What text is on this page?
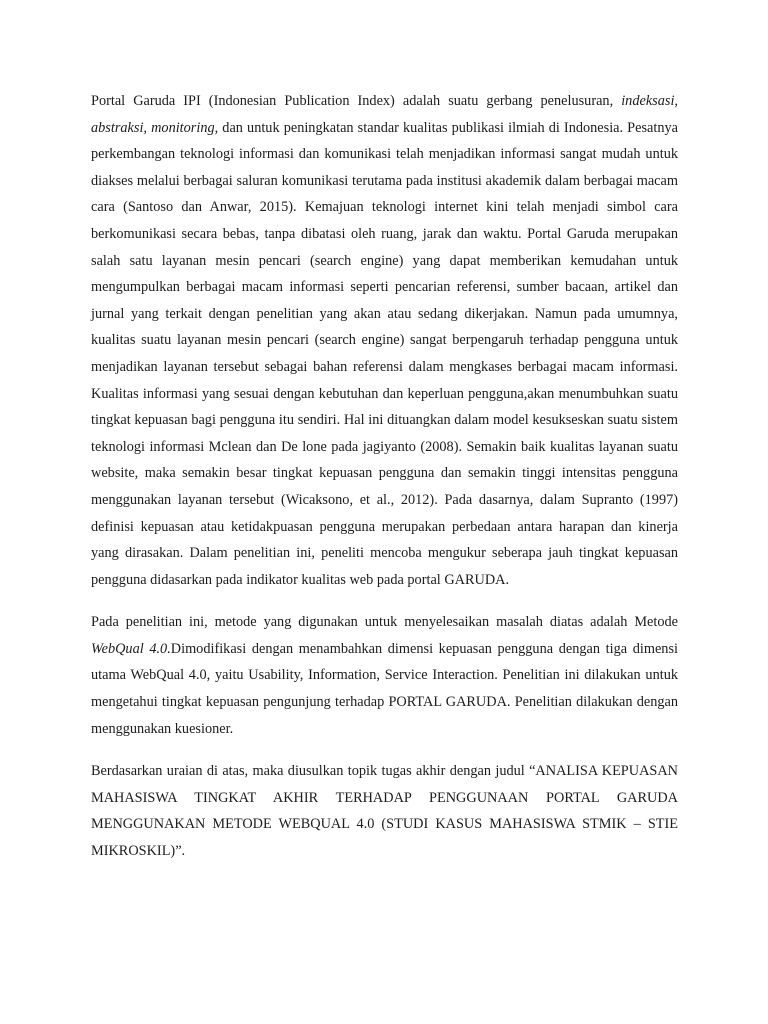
Portal Garuda IPI (Indonesian Publication Index) adalah suatu gerbang penelusuran, indeksasi, abstraksi, monitoring, dan untuk peningkatan standar kualitas publikasi ilmiah di Indonesia. Pesatnya perkembangan teknologi informasi dan komunikasi telah menjadikan informasi sangat mudah untuk diakses melalui berbagai saluran komunikasi terutama pada institusi akademik dalam berbagai macam cara (Santoso dan Anwar, 2015). Kemajuan teknologi internet kini telah menjadi simbol cara berkomunikasi secara bebas, tanpa dibatasi oleh ruang, jarak dan waktu. Portal Garuda merupakan salah satu layanan mesin pencari (search engine) yang dapat memberikan kemudahan untuk mengumpulkan berbagai macam informasi seperti pencarian referensi, sumber bacaan, artikel dan jurnal yang terkait dengan penelitian yang akan atau sedang dikerjakan. Namun pada umumnya, kualitas suatu layanan mesin pencari (search engine) sangat berpengaruh terhadap pengguna untuk menjadikan layanan tersebut sebagai bahan referensi dalam mengkases berbagai macam informasi. Kualitas informasi yang sesuai dengan kebutuhan dan keperluan pengguna,akan menumbuhkan suatu tingkat kepuasan bagi pengguna itu sendiri. Hal ini dituangkan dalam model kesukseskan suatu sistem teknologi informasi Mclean dan De lone pada jagiyanto (2008). Semakin baik kualitas layanan suatu website, maka semakin besar tingkat kepuasan pengguna dan semakin tinggi intensitas pengguna menggunakan layanan tersebut (Wicaksono, et al., 2012). Pada dasarnya, dalam Supranto (1997) definisi kepuasan atau ketidakpuasan pengguna merupakan perbedaan antara harapan dan kinerja yang dirasakan. Dalam penelitian ini, peneliti mencoba mengukur seberapa jauh tingkat kepuasan pengguna didasarkan pada indikator kualitas web pada portal GARUDA.

Pada penelitian ini, metode yang digunakan untuk menyelesaikan masalah diatas adalah Metode WebQual 4.0.Dimodifikasi dengan menambahkan dimensi kepuasan pengguna dengan tiga dimensi utama WebQual 4.0, yaitu Usability, Information, Service Interaction. Penelitian ini dilakukan untuk mengetahui tingkat kepuasan pengunjung terhadap PORTAL GARUDA. Penelitian dilakukan dengan menggunakan kuesioner.

Berdasarkan uraian di atas, maka diusulkan topik tugas akhir dengan judul “ANALISA KEPUASAN MAHASISWA TINGKAT AKHIR TERHADAP PENGGUNAAN PORTAL GARUDA MENGGUNAKAN METODE WEBQUAL 4.0 (STUDI KASUS MAHASISWA STMIK – STIE MIKROSKIL)”.
